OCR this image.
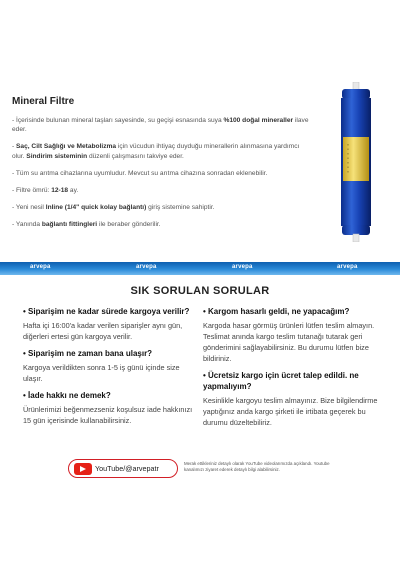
Mineral Filtre
- İçerisinde bulunan mineral taşları sayesinde, su geçişi esnasında suya %100 doğal mineraller ilave eder.
- Saç, Cilt Sağlığı ve Metabolizma için vücudun ihtiyaç duyduğu minerallerin alınmasına yardımcı olur. Sindirim sisteminin düzenli çalışmasını takviye eder.
- Tüm su arıtma cihazlarına uyumludur. Mevcut su arıtma cihazına sonradan eklenebilir.
- Filtre ömrü: 12-18 ay.
- Yeni nesil Inline (1/4" quick kolay bağlantı) giriş sistemine sahiptir.
- Yanında bağlantı fittingleri ile beraber gönderilir.
arvepa	arvepa	arvepa	arvepa
SIK SORULAN SORULAR
• Siparişim ne kadar sürede kargoya verilir?
Hafta içi 16:00'a kadar verilen siparişler aynı gün, diğerleri ertesi gün kargoya verilir.
• Siparişim ne zaman bana ulaşır?
Kargoya verildikten sonra 1-5 iş günü içinde size ulaşır.
• İade hakkı ne demek?
Ürünlerimizi beğenmezseniz koşulsuz iade hakkınızı 15 gün içerisinde kullanabilirsiniz.
• Kargom hasarlı geldi, ne yapacağım?
Kargoda hasar görmüş ürünleri lütfen teslim almayın. Teslimat anında kargo teslim tutanağı tutarak geri gönderimini sağlayabilirsiniz. Bu durumu lütfen bize bildiriniz.
• Ücretsiz kargo için ücret talep edildi. ne yapmalıyım?
Kesinlikle kargoyu teslim almayınız. Bize bilgilendirme yaptığınız anda kargo şirketi ile irtibata geçerek bu durumu düzeltebiliriz.
YouTube/@arvepatr
Merak ettikleriniz detaylı olarak YouTube videolarımızda açıklandı. Youtube kanalımızı ziyaret ederek detaylı bilgi alabilirsiniz.
